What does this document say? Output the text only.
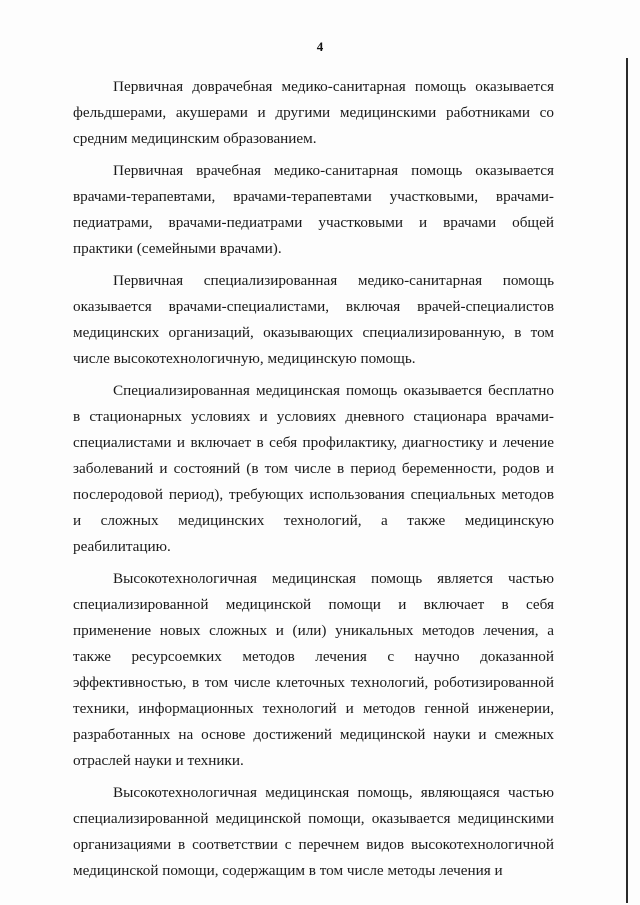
4

Первичная доврачебная медико-санитарная помощь оказывается фельдшерами, акушерами и другими медицинскими работниками со средним медицинским образованием.

Первичная врачебная медико-санитарная помощь оказывается врачами-терапевтами, врачами-терапевтами участковыми, врачами-педиатрами, врачами-педиатрами участковыми и врачами общей практики (семейными врачами).

Первичная специализированная медико-санитарная помощь оказывается врачами-специалистами, включая врачей-специалистов медицинских организаций, оказывающих специализированную, в том числе высокотехнологичную, медицинскую помощь.

Специализированная медицинская помощь оказывается бесплатно в стационарных условиях и условиях дневного стационара врачами-специалистами и включает в себя профилактику, диагностику и лечение заболеваний и состояний (в том числе в период беременности, родов и послеродовой период), требующих использования специальных методов и сложных медицинских технологий, а также медицинскую реабилитацию.

Высокотехнологичная медицинская помощь является частью специализированной медицинской помощи и включает в себя применение новых сложных и (или) уникальных методов лечения, а также ресурсоемких методов лечения с научно доказанной эффективностью, в том числе клеточных технологий, роботизированной техники, информационных технологий и методов генной инженерии, разработанных на основе достижений медицинской науки и смежных отраслей науки и техники.

Высокотехнологичная медицинская помощь, являющаяся частью специализированной медицинской помощи, оказывается медицинскими организациями в соответствии с перечнем видов высокотехнологичной медицинской помощи, содержащим в том числе методы лечения и
